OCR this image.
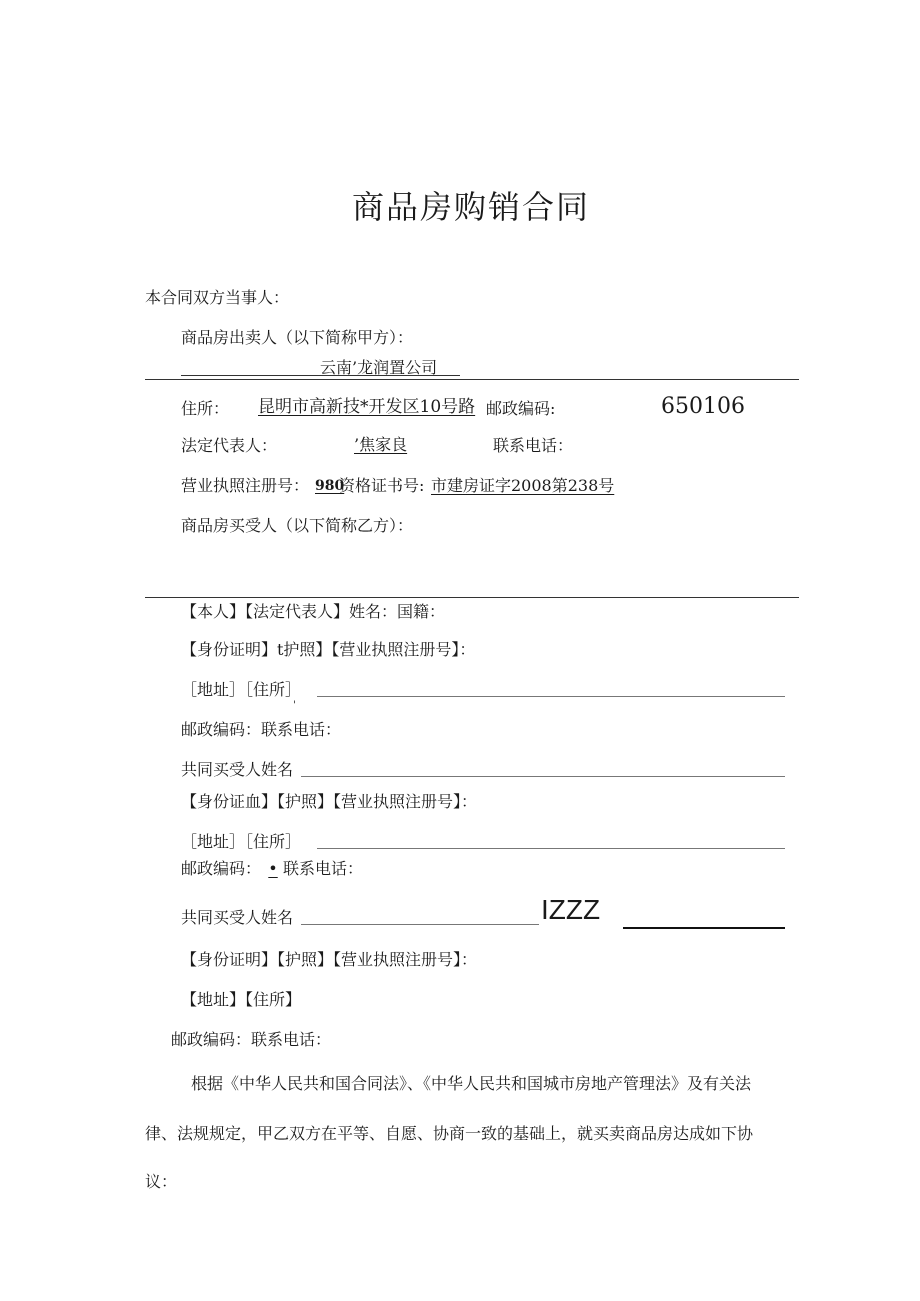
商品房购销合同
本合同双方当事人：
商品房出卖人（以下简称甲方）：
云南’龙润置公司
住所： 昆明市高新技*开发区10号路 邮政编码:	650106
法定代表人：	’焦家良	联系电话：
营业执照注册号： 980
资格证书号: 市建房证字2008第238号
商品房买受人（以下简称乙方）：
【本人】【法定代表人】姓名：国籍：
【身份证明】t护照】【营业执照注册号】：
［地址］［住所］
'
邮政编码：联系电话：
共同买受人姓名
【身份证血】【护照】【营业执照注册号】：
［地址］［住所］
邮政编码： • 联系电话：
共同买受人姓名	IZZZ
【身份证明】【护照】【营业执照注册号】：
【地址】【住所】
邮政编码：联系电话：
根据《中华人民共和国合同法》、《中华人民共和国城市房地产管理法》及有关法
律、法规规定，甲乙双方在平等、自愿、协商一致的基础上，就买卖商品房达成如下协
议：
